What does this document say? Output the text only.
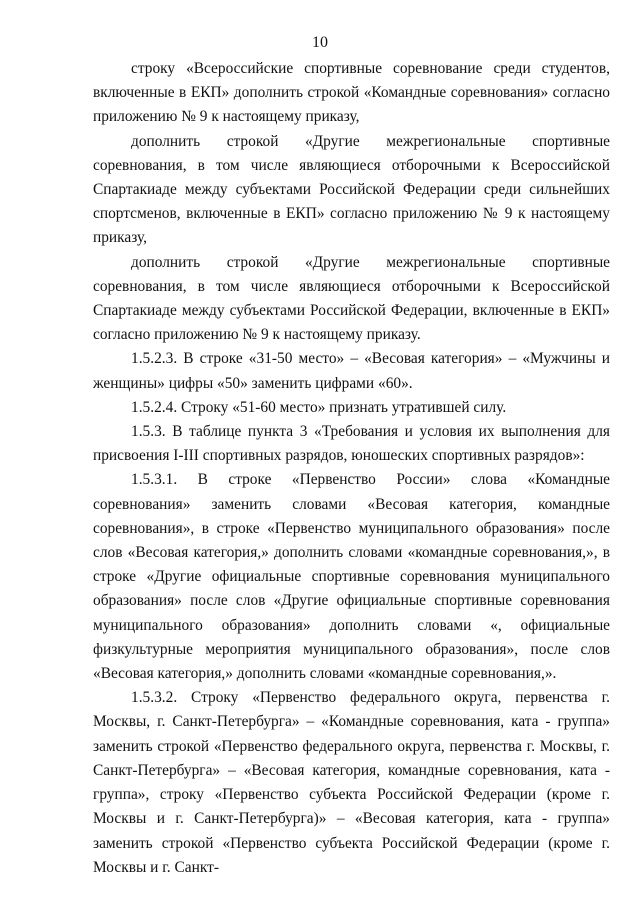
10

строку «Всероссийские спортивные соревнование среди студентов, включенные в ЕКП» дополнить строкой «Командные соревнования» согласно приложению № 9 к настоящему приказу,

дополнить строкой «Другие межрегиональные спортивные соревнования, в том числе являющиеся отборочными к Всероссийской Спартакиаде между субъектами Российской Федерации среди сильнейших спортсменов, включенные в ЕКП» согласно приложению № 9 к настоящему приказу,

дополнить строкой «Другие межрегиональные спортивные соревнования, в том числе являющиеся отборочными к Всероссийской Спартакиаде между субъектами Российской Федерации, включенные в ЕКП» согласно приложению № 9 к настоящему приказу.

1.5.2.3. В строке «31-50 место» – «Весовая категория» – «Мужчины и женщины» цифры «50» заменить цифрами «60».

1.5.2.4. Строку «51-60 место» признать утратившей силу.

1.5.3. В таблице пункта 3 «Требования и условия их выполнения для присвоения I-III спортивных разрядов, юношеских спортивных разрядов»:

1.5.3.1. В строке «Первенство России» слова «Командные соревнования» заменить словами «Весовая категория, командные соревнования», в строке «Первенство муниципального образования» после слов «Весовая категория,» дополнить словами «командные соревнования,», в строке «Другие официальные спортивные соревнования муниципального образования» после слов «Другие официальные спортивные соревнования муниципального образования» дополнить словами «, официальные физкультурные мероприятия муниципального образования», после слов «Весовая категория,» дополнить словами «командные соревнования,».

1.5.3.2. Строку «Первенство федерального округа, первенства г. Москвы, г. Санкт-Петербурга» – «Командные соревнования, ката - группа» заменить строкой «Первенство федерального округа, первенства г. Москвы, г. Санкт-Петербурга» – «Весовая категория, командные соревнования, ката - группа», строку «Первенство субъекта Российской Федерации (кроме г. Москвы и г. Санкт-Петербурга)» – «Весовая категория, ката - группа» заменить строкой «Первенство субъекта Российской Федерации (кроме г. Москвы и г. Санкт-
